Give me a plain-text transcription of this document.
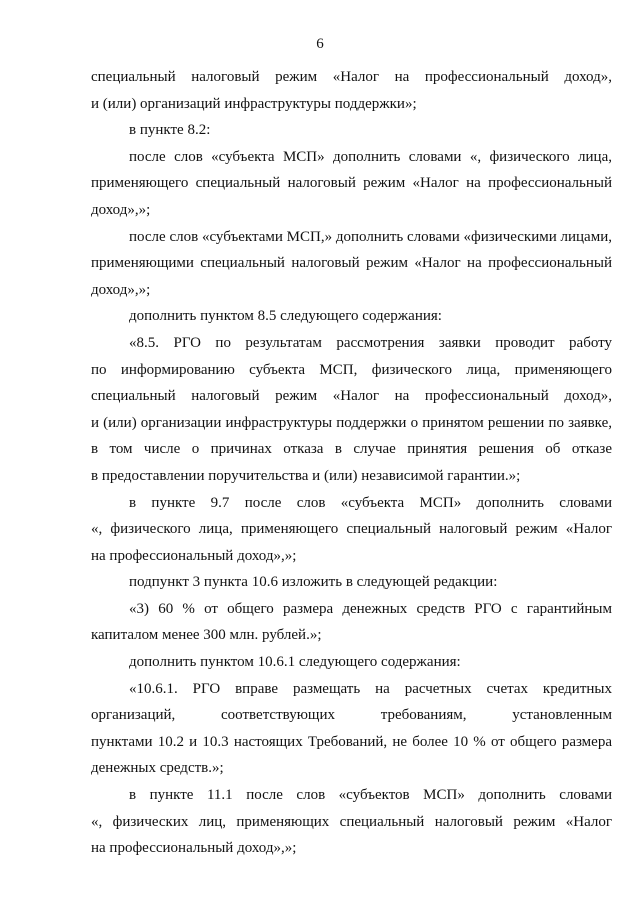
6

специальный налоговый режим «Налог на профессиональный доход»,
и (или) организаций инфраструктуры поддержки»;

в пункте 8.2:

после слов «субъекта МСП» дополнить словами «, физического лица,
применяющего специальный налоговый режим «Налог на профессиональный
доход»,»;

после слов «субъектами МСП,» дополнить словами «физическими лицами,
применяющими специальный налоговый режим «Налог на профессиональный
доход»,»;

дополнить пунктом 8.5 следующего содержания:

«8.5. РГО по результатам рассмотрения заявки проводит работу
по информированию субъекта МСП, физического лица, применяющего
специальный налоговый режим «Налог на профессиональный доход»,
и (или) организации инфраструктуры поддержки о принятом решении по заявке,
в том числе о причинах отказа в случае принятия решения об отказе
в предоставлении поручительства и (или) независимой гарантии.»;

в пункте 9.7 после слов «субъекта МСП» дополнить словами
«, физического лица, применяющего специальный налоговый режим «Налог
на профессиональный доход»,»;

подпункт 3 пункта 10.6 изложить в следующей редакции:

«3) 60 % от общего размера денежных средств РГО с гарантийным
капиталом менее 300 млн. рублей.»;

дополнить пунктом 10.6.1 следующего содержания:

«10.6.1. РГО вправе размещать на расчетных счетах кредитных
организаций, соответствующих требованиям, установленным
пунктами 10.2 и 10.3 настоящих Требований, не более 10 % от общего размера
денежных средств.»;

в пункте 11.1 после слов «субъектов МСП» дополнить словами
«, физических лиц, применяющих специальный налоговый режим «Налог
на профессиональный доход»,»;
